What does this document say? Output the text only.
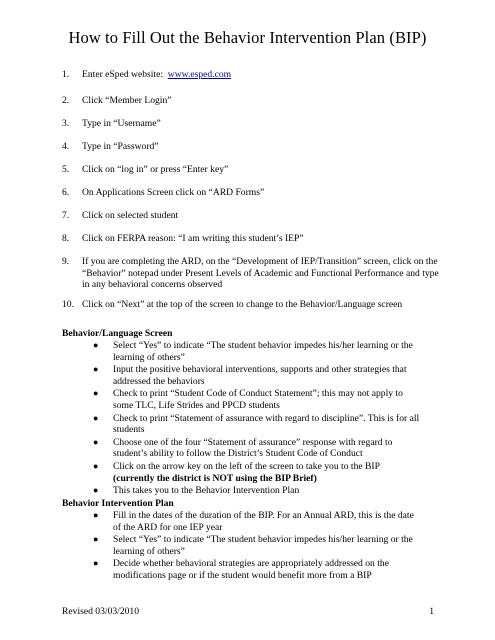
How to Fill Out the Behavior Intervention Plan (BIP)
1.	Enter eSped website:  www.esped.com
2.	Click “Member Login”
3.	Type in “Username”
4.	Type in “Password”
5.	Click on “log in” or press “Enter key”
6.	On Applications Screen click on “ARD Forms”
7.	Click on selected student
8.	Click on FERPA reason: “I am writing this student’s IEP”
9.	If you are completing the ARD, on the “Development of IEP/Transition” screen, click on the “Behavior” notepad under Present Levels of Academic and Functional Performance and type in any behavioral concerns observed
10. Click on “Next” at the top of the screen to change to the Behavior/Language screen
Behavior/Language Screen
●	Select “Yes” to indicate “The student behavior impedes his/her learning or the learning of others”
●	Input the positive behavioral interventions, supports and other strategies that addressed the behaviors
●	Check to print “Student Code of Conduct Statement”; this may not apply to some TLC, Life Strides and PPCD students
●	Check to print “Statement of assurance with regard to discipline”. This is for all students
●	Choose one of the four “Statement of assurance” response with regard to student’s ability to follow the District’s Student Code of Conduct
●	Click on the arrow key on the left of the screen to take you to the BIP
(currently the district is NOT using the BIP Brief)
●	This takes you to the Behavior Intervention Plan
Behavior Intervention Plan
●	Fill in the dates of the duration of the BIP. For an Annual ARD, this is the date of the ARD for one IEP year
●	Select “Yes” to indicate “The student behavior impedes his/her learning or the learning of others”
●	Decide whether behavioral strategies are appropriately addressed on the modifications page or if the student would benefit more from a BIP
Revised 03/03/2010	1
